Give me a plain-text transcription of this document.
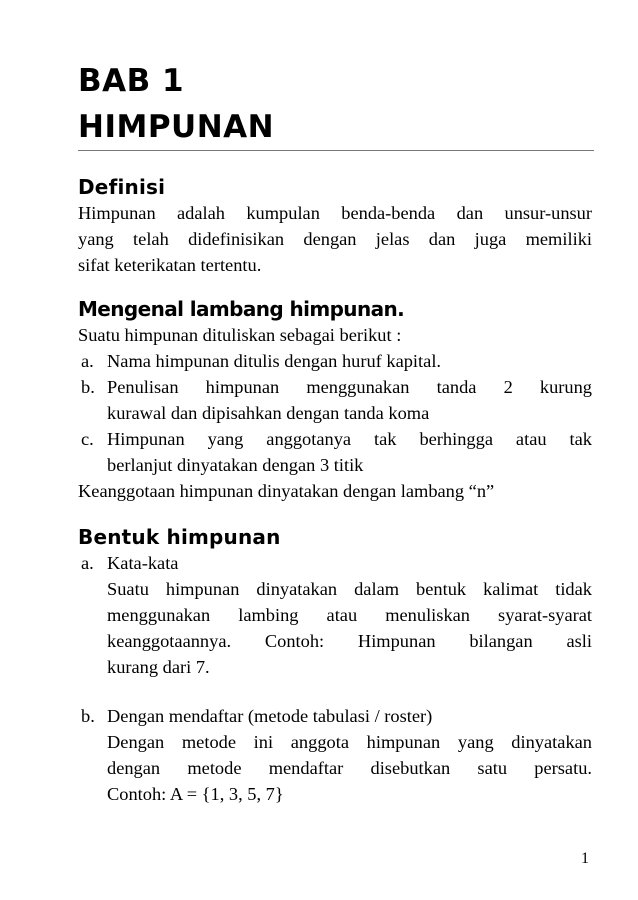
BAB 1
HIMPUNAN
Definisi

Himpunan adalah kumpulan benda-benda dan unsur-unsur

yang telah didefinisikan dengan jelas dan juga memiliki

sifat keterikatan tertentu.

Mengenal lambang himpunan.
Suatu himpunan dituliskan sebagai berikut :
a. Nama himpunan ditulis dengan huruf kapital.
b. Penulisan himpunan menggunakan tanda 2 kurung
kurawal dan dipisahkan dengan tanda koma
c. Himpunan yang anggotanya tak berhingga atau tak
berlanjut dinyatakan dengan 3 titik
Keanggotaan himpunan dinyatakan dengan lambang “n”
Bentuk himpunan
a. Kata-kata
Suatu himpunan dinyatakan dalam bentuk kalimat tidak
menggunakan lambing atau menuliskan syarat-syarat
keanggotaannya. Contoh: Himpunan bilangan asli
kurang dari 7.
b. Dengan mendaftar (metode tabulasi / roster)
Dengan metode ini anggota himpunan yang dinyatakan
dengan metode mendaftar disebutkan satu persatu.
Contoh: A = {1, 3, 5, 7}
1
